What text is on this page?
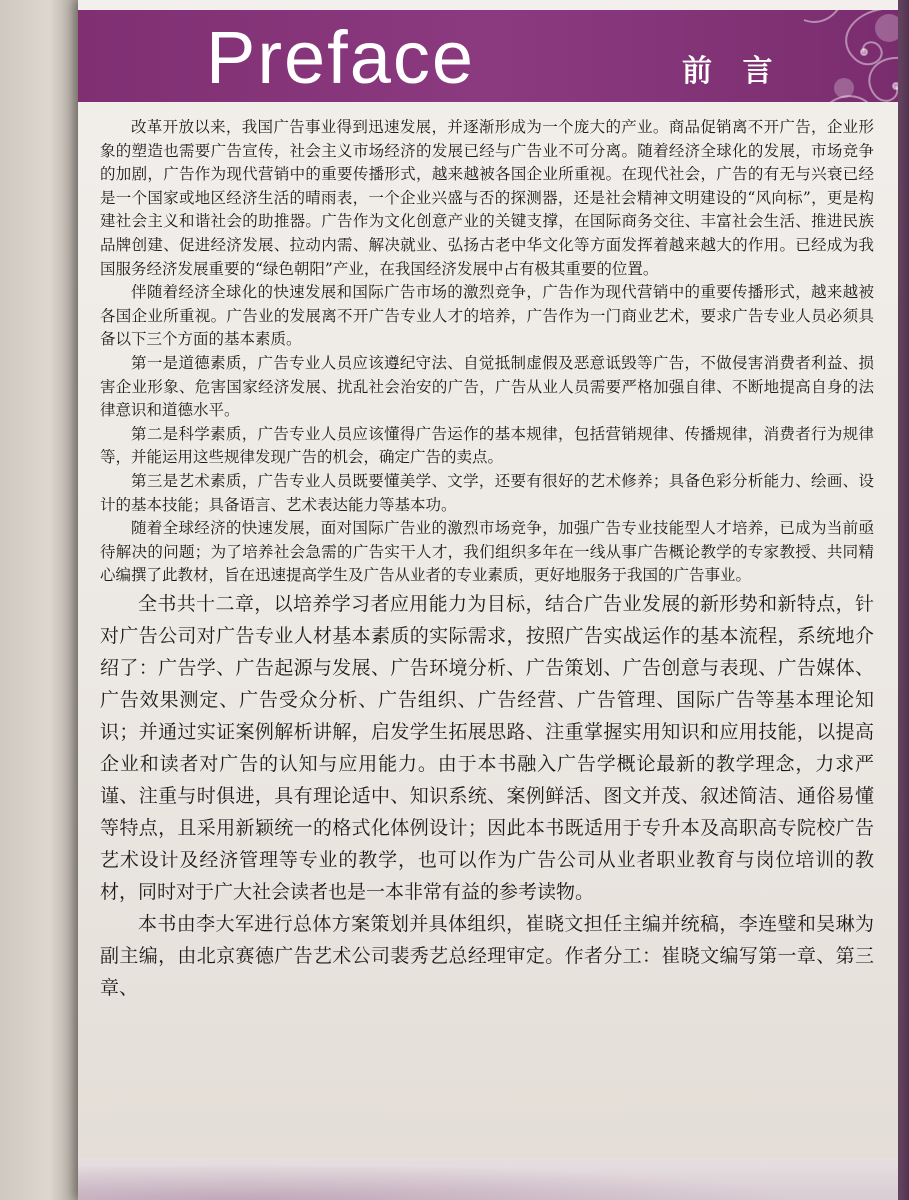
Preface	前 言

改革开放以来，我国广告事业得到迅速发展，并逐渐形成为一个庞大的产业。商品促销离不开广告，企业形象的塑造也需要广告宣传，社会主义市场经济的发展已经与广告业不可分离。随着经济全球化的发展，市场竞争的加剧，广告作为现代营销中的重要传播形式，越来越被各国企业所重视。在现代社会，广告的有无与兴衰已经是一个国家或地区经济生活的晴雨表，一个企业兴盛与否的探测器，还是社会精神文明建设的“风向标”，更是构建社会主义和谐社会的助推器。广告作为文化创意产业的关键支撑，在国际商务交往、丰富社会生活、推进民族品牌创建、促进经济发展、拉动内需、解决就业、弘扬古老中华文化等方面发挥着越来越大的作用。已经成为我国服务经济发展重要的“绿色朝阳”产业，在我国经济发展中占有极其重要的位置。

伴随着经济全球化的快速发展和国际广告市场的激烈竞争，广告作为现代营销中的重要传播形式，越来越被各国企业所重视。广告业的发展离不开广告专业人才的培养，广告作为一门商业艺术，要求广告专业人员必须具备以下三个方面的基本素质。

第一是道德素质，广告专业人员应该遵纪守法、自觉抵制虚假及恶意诋毁等广告，不做侵害消费者利益、损害企业形象、危害国家经济发展、扰乱社会治安的广告，广告从业人员需要严格加强自律、不断地提高自身的法律意识和道德水平。

第二是科学素质，广告专业人员应该懂得广告运作的基本规律，包括营销规律、传播规律，消费者行为规律等，并能运用这些规律发现广告的机会，确定广告的卖点。

第三是艺术素质，广告专业人员既要懂美学、文学，还要有很好的艺术修养；具备色彩分析能力、绘画、设计的基本技能；具备语言、艺术表达能力等基本功。

随着全球经济的快速发展，面对国际广告业的激烈市场竞争，加强广告专业技能型人才培养，已成为当前亟待解决的问题；为了培养社会急需的广告实干人才，我们组织多年在一线从事广告概论教学的专家教授、共同精心编撰了此教材，旨在迅速提高学生及广告从业者的专业素质，更好地服务于我国的广告事业。

全书共十二章，以培养学习者应用能力为目标，结合广告业发展的新形势和新特点，针对广告公司对广告专业人材基本素质的实际需求，按照广告实战运作的基本流程，系统地介绍了：广告学、广告起源与发展、广告环境分析、广告策划、广告创意与表现、广告媒体、广告效果测定、广告受众分析、广告组织、广告经营、广告管理、国际广告等基本理论知识；并通过实证案例解析讲解，启发学生拓展思路、注重掌握实用知识和应用技能，以提高企业和读者对广告的认知与应用能力。由于本书融入广告学概论最新的教学理念，力求严谨、注重与时俱进，具有理论适中、知识系统、案例鲜活、图文并茂、叙述简洁、通俗易懂等特点，且采用新颖统一的格式化体例设计；因此本书既适用于专升本及高职高专院校广告艺术设计及经济管理等专业的教学，也可以作为广告公司从业者职业教育与岗位培训的教材，同时对于广大社会读者也是一本非常有益的参考读物。

本书由李大军进行总体方案策划并具体组织，崔晓文担任主编并统稿，李连璧和吴琳为副主编，由北京赛德广告艺术公司裴秀艺总经理审定。作者分工：崔晓文编写第一章、第三章、
